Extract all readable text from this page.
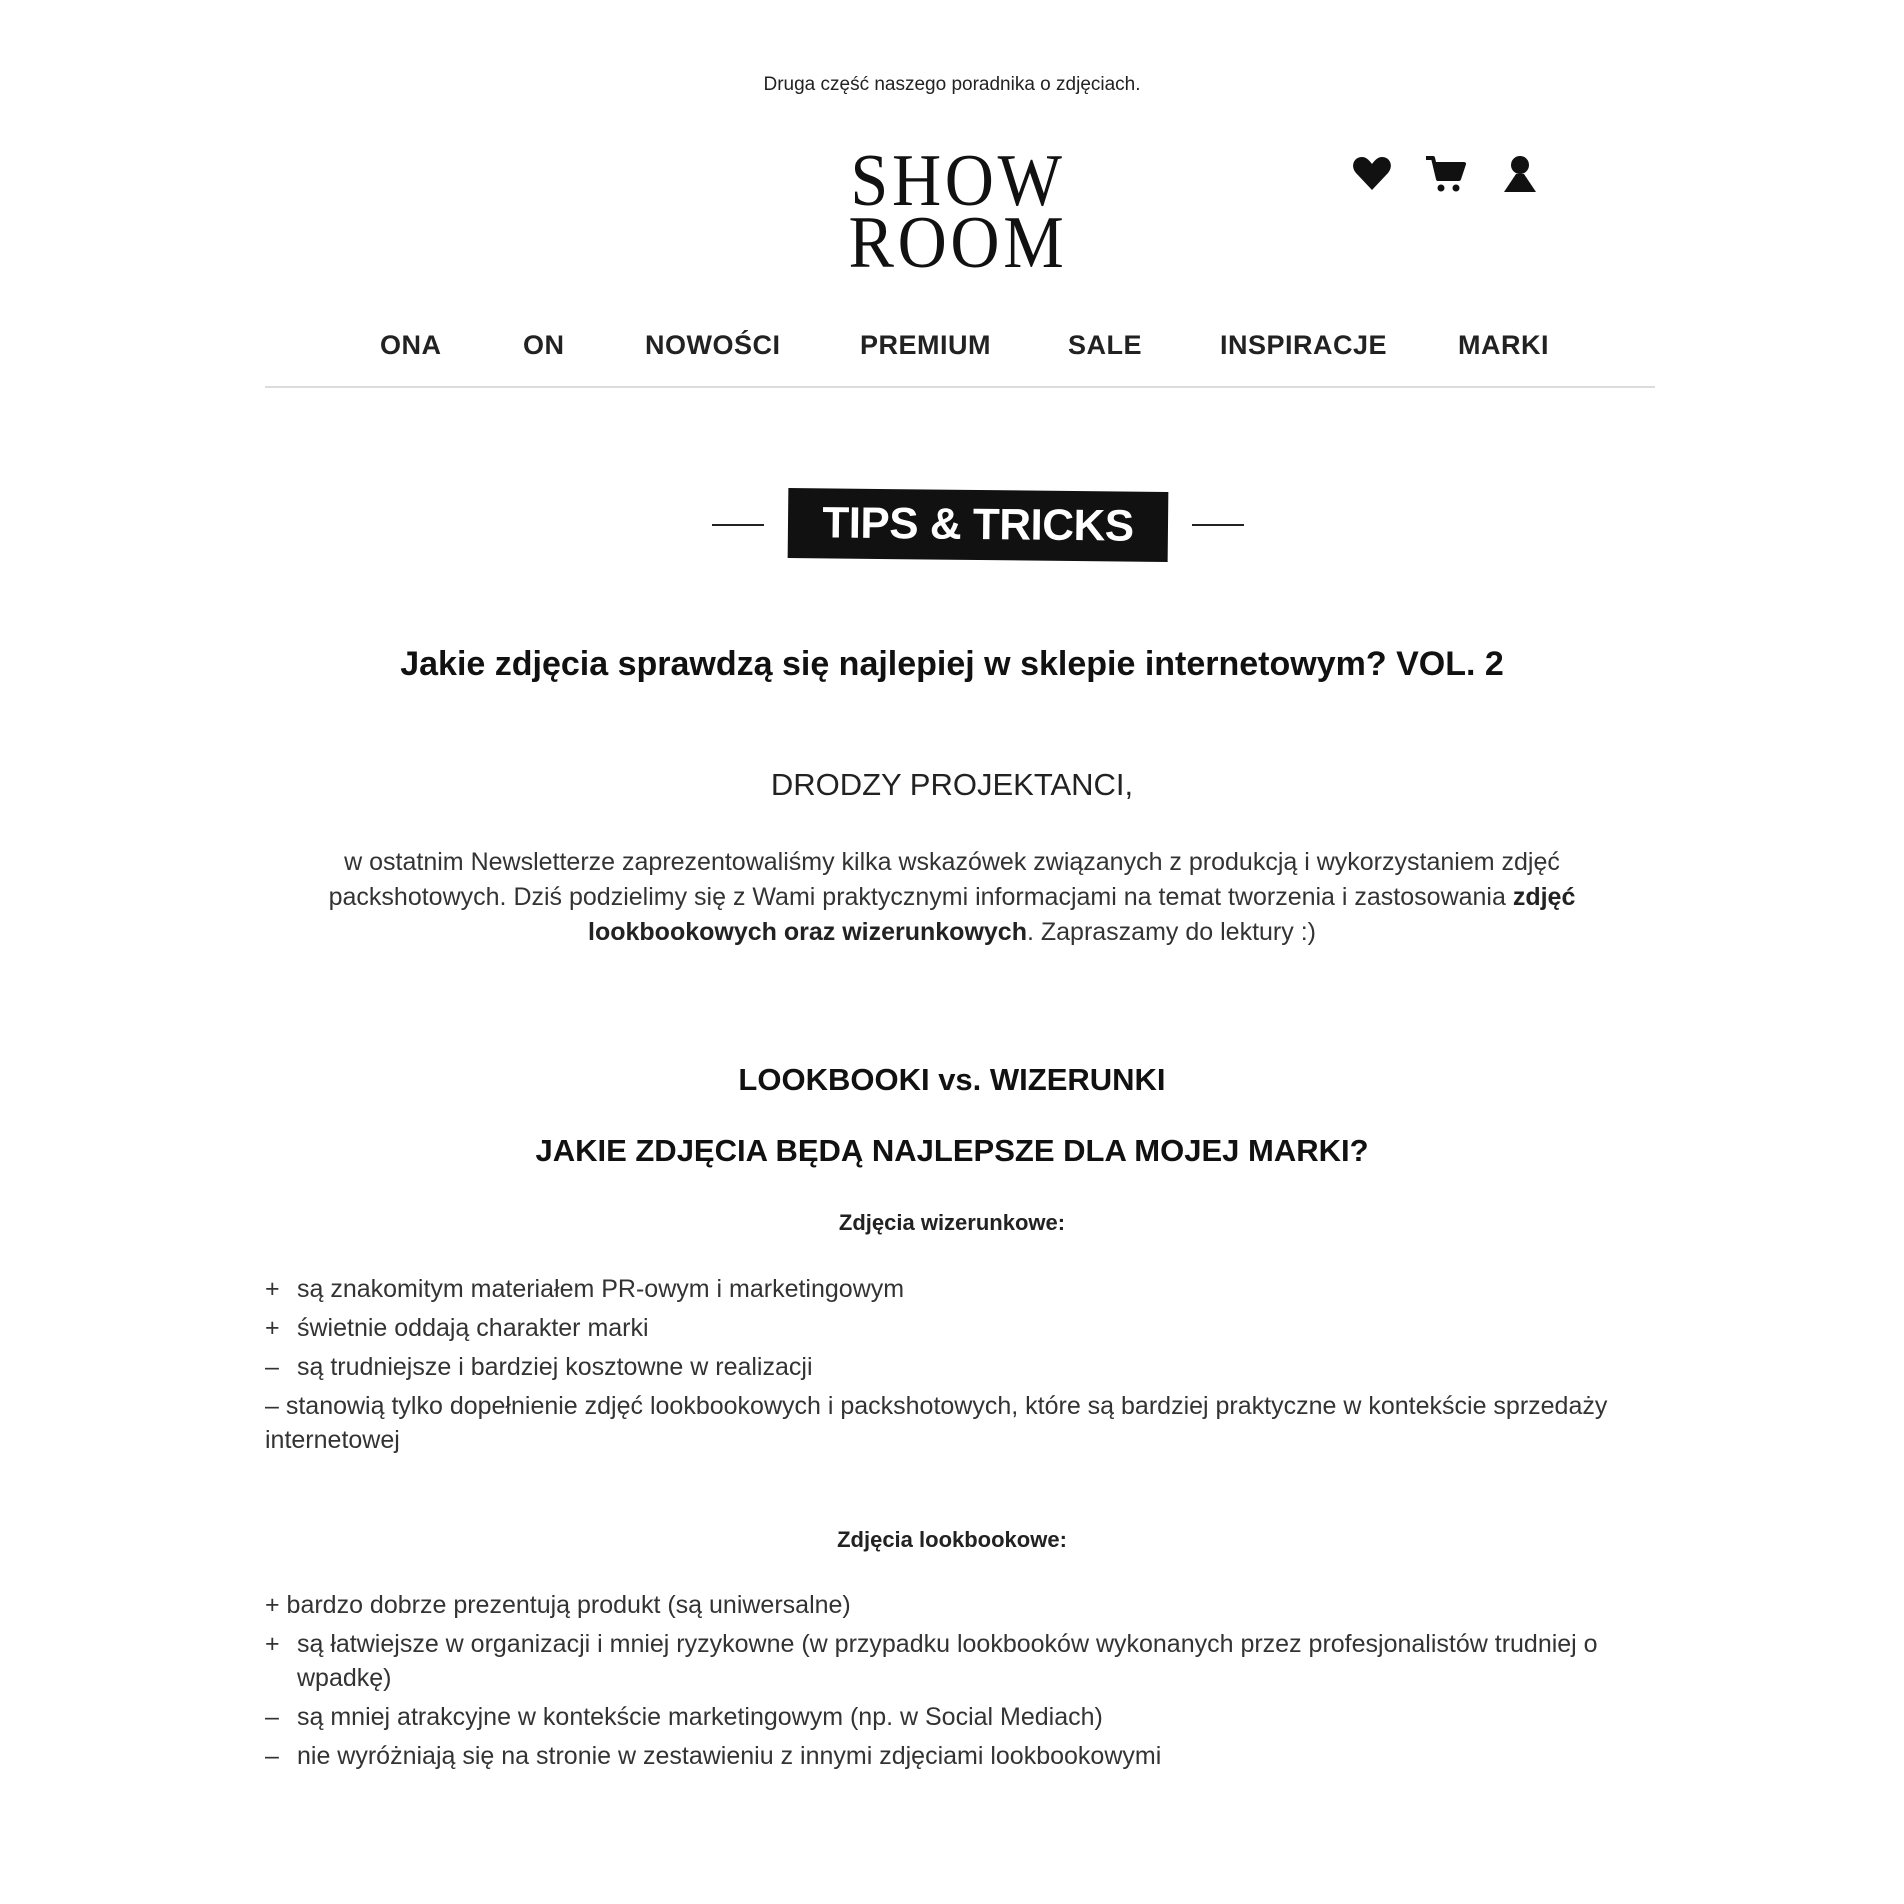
Druga część naszego poradnika o zdjęciach.
SHOW
ROOM
ONA	ON	NOWOŚCI	PREMIUM	SALE	INSPIRACJE	MARKI
TIPS & TRICKS
Jakie zdjęcia sprawdzą się najlepiej w sklepie internetowym? VOL. 2
DRODZY PROJEKTANCI,
w ostatnim Newsletterze zaprezentowaliśmy kilka wskazówek związanych z produkcją i wykorzystaniem zdjęć packshotowych. Dziś podzielimy się z Wami praktycznymi informacjami na temat tworzenia i zastosowania zdjęć lookbookowych oraz wizerunkowych. Zapraszamy do lektury :)
LOOKBOOKI vs. WIZERUNKI
JAKIE ZDJĘCIA BĘDĄ NAJLEPSZE DLA MOJEJ MARKI?
Zdjęcia wizerunkowe:
+ są znakomitym materiałem PR-owym i marketingowym
+ świetnie oddają charakter marki
– są trudniejsze i bardziej kosztowne w realizacji
– stanowią tylko dopełnienie zdjęć lookbookowych i packshotowych, które są bardziej praktyczne w kontekście sprzedaży
internetowej
Zdjęcia lookbookowe:
+ bardzo dobrze prezentują produkt (są uniwersalne)
+ są łatwiejsze w organizacji i mniej ryzykowne (w przypadku lookbooków wykonanych przez profesjonalistów trudniej o wpadkę)
– są mniej atrakcyjne w kontekście marketingowym (np. w Social Mediach)
– nie wyróżniają się na stronie w zestawieniu z innymi zdjęciami lookbookowymi
